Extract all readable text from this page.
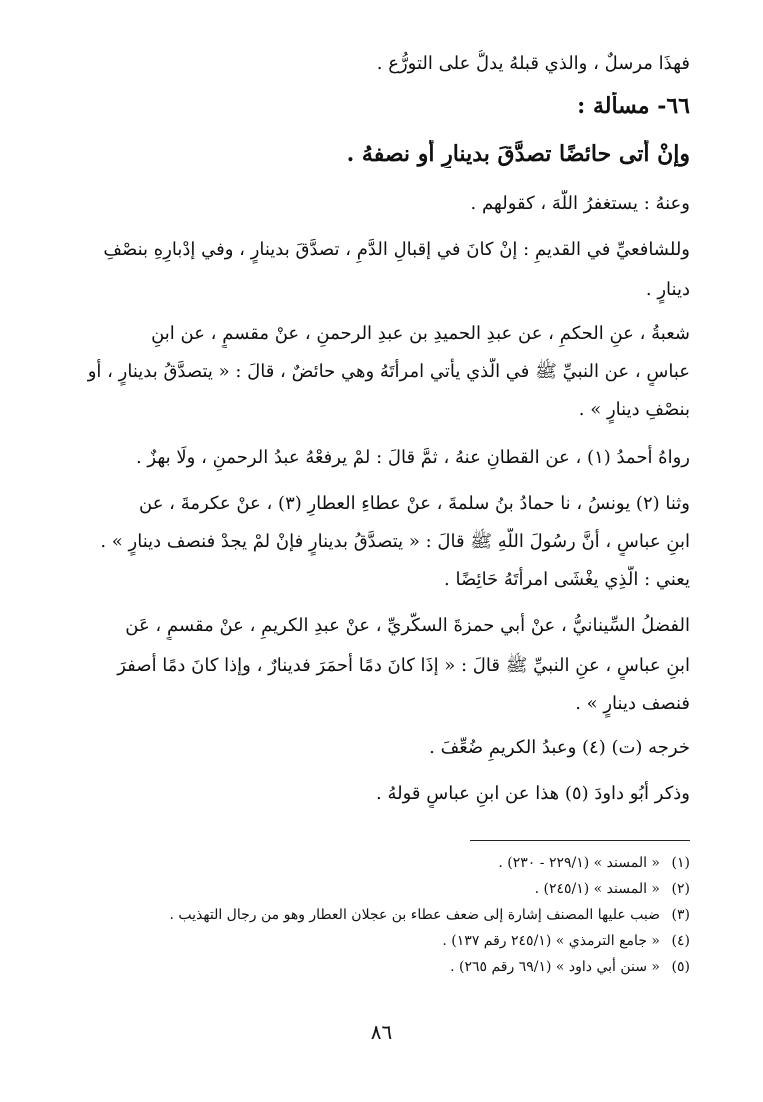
فهذَا مرسلٌ ، والذي قبلهُ يدلُّ على التورُّع .
٦٦- مسألة :
وإنْ أتى حائضًا تصدَّقَ بدينارٍ أو نصفهُ .
وعنهُ : يستغفرُ اللَّهَ ، كقولهم .
وللشافعيِّ في القديمِ : إنْ كانَ في إقبالِ الدَّمِ ، تصدَّقَ بدينارٍ ، وفي إدْبارِهِ بنصْفِ
دينارٍ .
شعبةُ ، عنِ الحكمِ ، عن عبدِ الحميدِ بن عبدِ الرحمنِ ، عنْ مقسمٍ ، عن ابنِ
عباسٍ ، عن النبيِّ ﷺ في الَّذي يأتي امرأتَهُ وهي حائضٌ ، قالَ : « يتصدَّقُ بدينارٍ ، أو
بنصْفِ دينارٍ » .
رواهُ أحمدُ (١) ، عن القطانِ عنهُ ، ثمَّ قالَ : لمْ يرفعْهُ عبدُ الرحمنِ ، ولَا بهزٌ .
وثنا (٢) يونسُ ، نا حمادُ بنُ سلمةَ ، عنْ عطاءِ العطارِ (٣) ، عنْ عكرمةَ ، عن
ابنِ عباسٍ ، أنَّ رسُولَ اللَّهِ ﷺ قالَ : « يتصدَّقُ بدينارٍ فإنْ لمْ يجدْ فنصف دينارٍ » .
يعني : الَّذِي يغْشَى امرأتَهُ حَائِضًا .
الفضلُ السِّينانيُّ ، عنْ أبي حمزةَ السكَّريِّ ، عنْ عبدِ الكريمِ ، عنْ مقسمٍ ، عَن
ابنِ عباسٍ ، عنِ النبيِّ ﷺ قالَ : « إذَا كانَ دمًا أحمَرَ فدينارٌ ، وإذا كانَ دمًا أصفرَ
فنصف دينارٍ » .
خرجه (ت) (٤) وعبدُ الكريمِ ضُعِّفَ .
وذكر أبُو داودَ (٥) هذا عن ابنِ عباسٍ قولهُ .
(١)« المسند » (٢٢٩/١ - ٢٣٠) .
(٢)« المسند » (٢٤٥/١) .
(٣)ضبب عليها المصنف إشارة إلى ضعف عطاء بن عجلان العطار وهو من رجال التهذيب .
(٤)« جامع الترمذي » (٢٤٥/١ رقم ١٣٧) .
(٥)« سنن أبي داود » (٦٩/١ رقم ٢٦٥) .
٨٦
